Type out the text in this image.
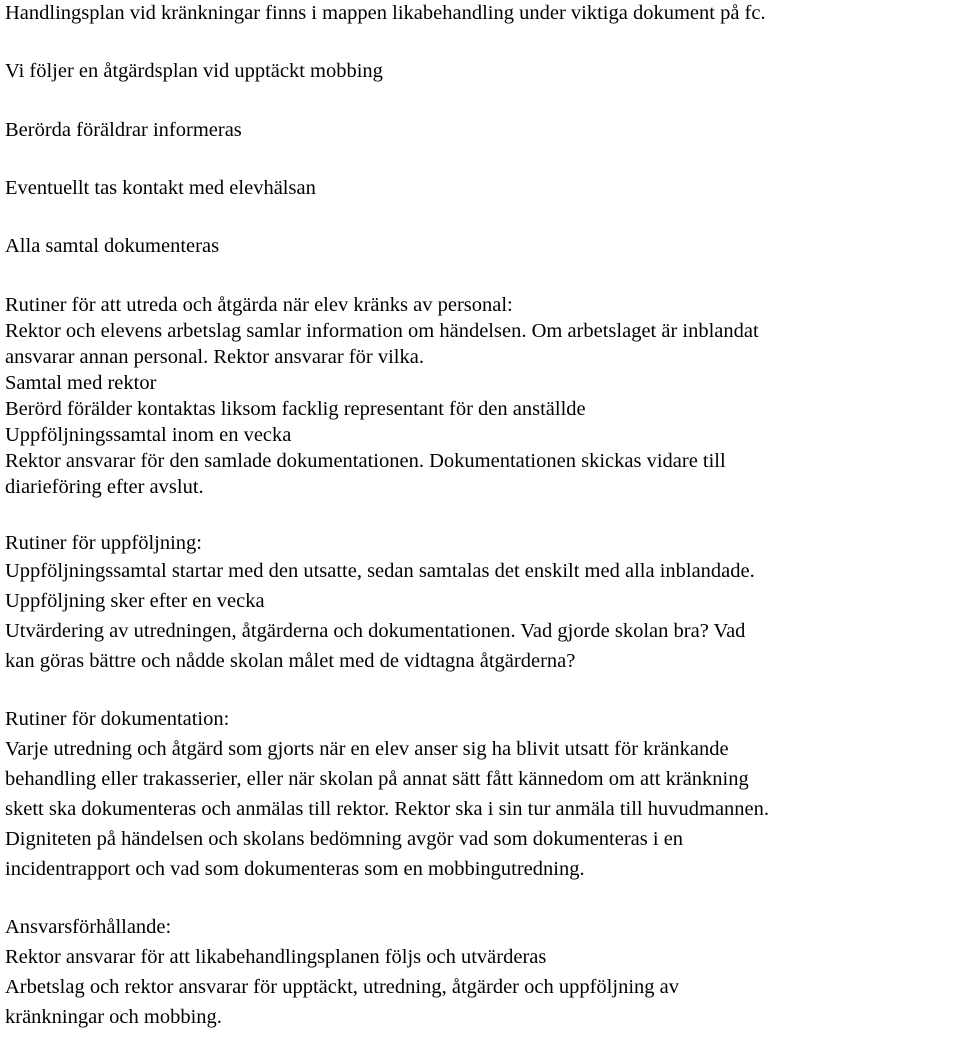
Handlingsplan vid kränkningar finns i mappen likabehandling under viktiga dokument på fc.

Vi följer en åtgärdsplan vid upptäckt mobbing

Berörda föräldrar informeras

Eventuellt tas kontakt med elevhälsan

Alla samtal dokumenteras

Rutiner för att utreda och åtgärda när elev kränks av personal:

Rektor och elevens arbetslag samlar information om händelsen. Om arbetslaget är inblandat

ansvarar annan personal. Rektor ansvarar för vilka.

Samtal med rektor

Berörd förälder kontaktas liksom facklig representant för den anställde

Uppföljningssamtal inom en vecka

Rektor ansvarar för den samlade dokumentationen. Dokumentationen skickas vidare till

diarieföring efter avslut.

Rutiner för uppföljning:

Uppföljningssamtal startar med den utsatte, sedan samtalas det enskilt med alla inblandade.

Uppföljning sker efter en vecka

Utvärdering av utredningen, åtgärderna och dokumentationen. Vad gjorde skolan bra? Vad

kan göras bättre och nådde skolan målet med de vidtagna åtgärderna?

Rutiner för dokumentation:

Varje utredning och åtgärd som gjorts när en elev anser sig ha blivit utsatt för kränkande

behandling eller trakasserier, eller när skolan på annat sätt fått kännedom om att kränkning

skett ska dokumenteras och anmälas till rektor. Rektor ska i sin tur anmäla till huvudmannen.

Digniteten på händelsen och skolans bedömning avgör vad som dokumenteras i en

incidentrapport och vad som dokumenteras som en mobbingutredning.

Ansvarsförhållande:

Rektor ansvarar för att likabehandlingsplanen följs och utvärderas

Arbetslag och rektor ansvarar för upptäckt, utredning, åtgärder och uppföljning av

kränkningar och mobbing.
